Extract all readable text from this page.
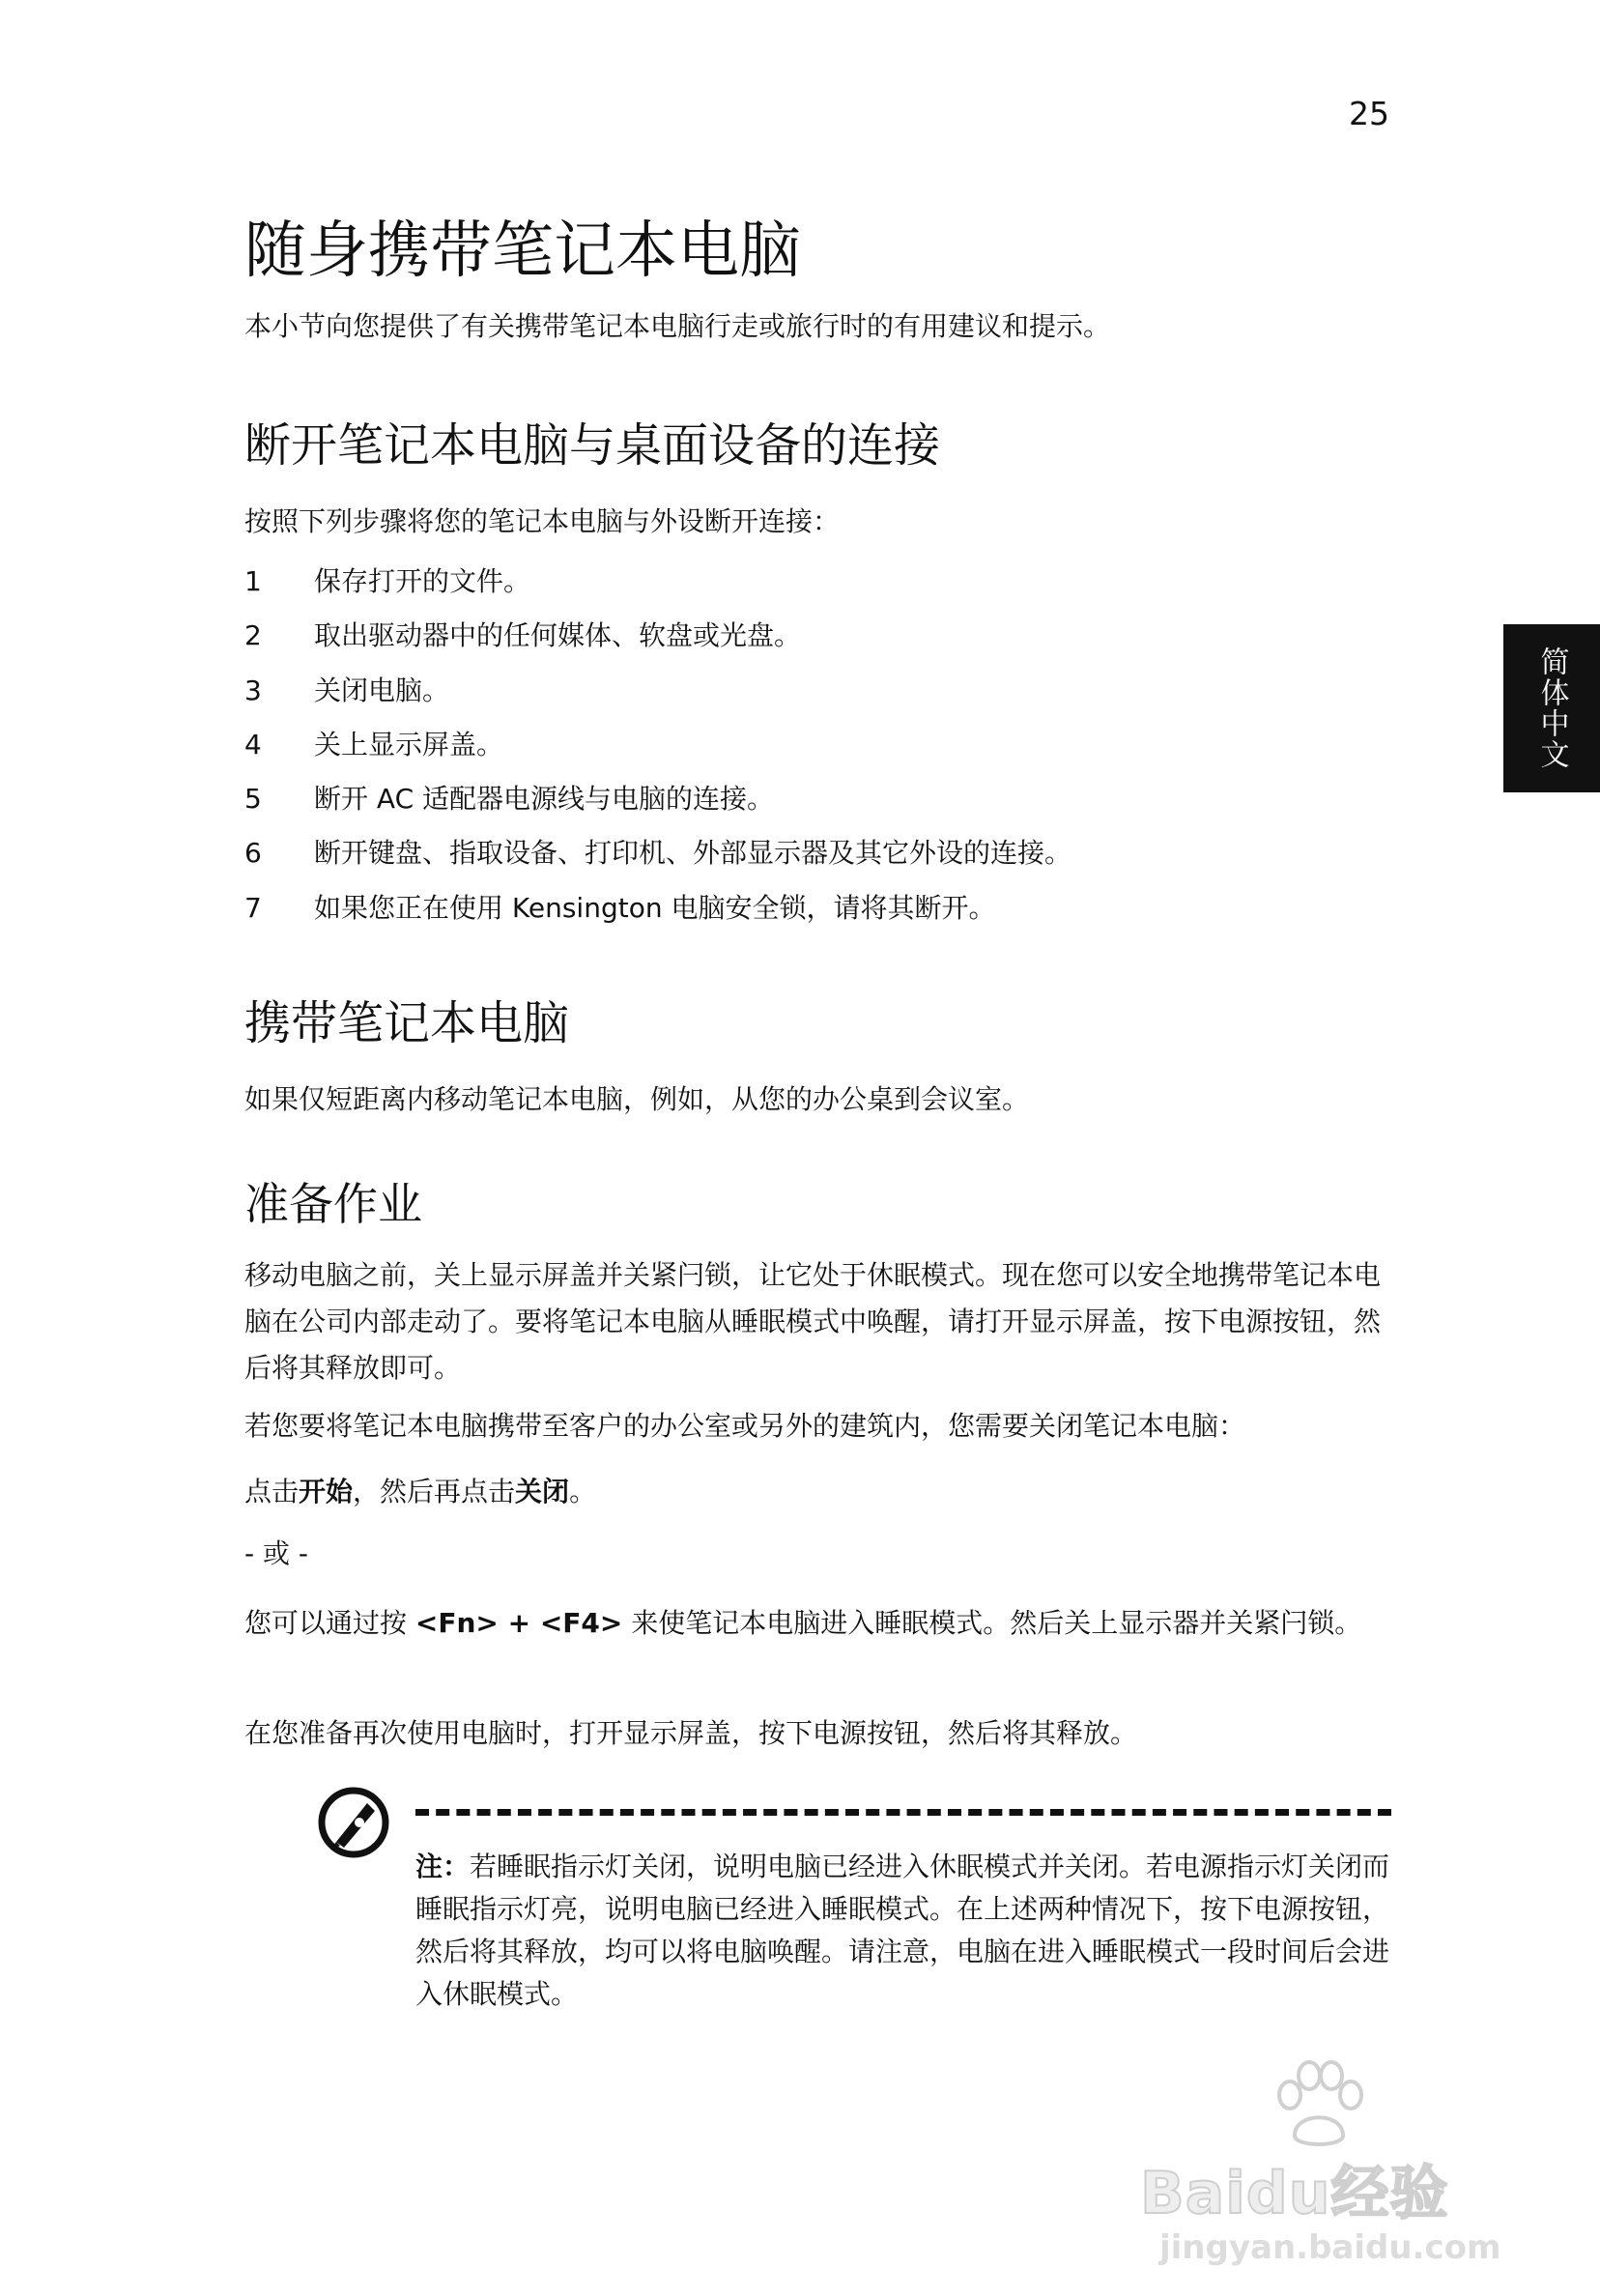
25
简体中文
随身携带笔记本电脑
本小节向您提供了有关携带笔记本电脑行走或旅行时的有用建议和提示。
断开笔记本电脑与桌面设备的连接
按照下列步骤将您的笔记本电脑与外设断开连接：
1 保存打开的文件。
2 取出驱动器中的任何媒体、软盘或光盘。
3 关闭电脑。
4 关上显示屏盖。
5 断开 AC 适配器电源线与电脑的连接。
6 断开键盘、指取设备、打印机、外部显示器及其它外设的连接。
7 如果您正在使用 Kensington 电脑安全锁，请将其断开。
携带笔记本电脑
如果仅短距离内移动笔记本电脑，例如，从您的办公桌到会议室。
准备作业
移动电脑之前，关上显示屏盖并关紧闩锁，让它处于休眠模式。现在您可以安全地携带笔记本电脑在公司内部走动了。要将笔记本电脑从睡眠模式中唤醒，请打开显示屏盖，按下电源按钮，然后将其释放即可。
若您要将笔记本电脑携带至客户的办公室或另外的建筑内，您需要关闭笔记本电脑：
点击开始，然后再点击关闭。
- 或 -
您可以通过按 <Fn> + <F4> 来使笔记本电脑进入睡眠模式。然后关上显示器并关紧闩锁。
在您准备再次使用电脑时，打开显示屏盖，按下电源按钮，然后将其释放。
注：若睡眠指示灯关闭，说明电脑已经进入休眠模式并关闭。若电源指示灯关闭而睡眠指示灯亮，说明电脑已经进入睡眠模式。在上述两种情况下，按下电源按钮，然后将其释放，均可以将电脑唤醒。请注意，电脑在进入睡眠模式一段时间后会进入休眠模式。
Baidu经验
jingyan.baidu.com
